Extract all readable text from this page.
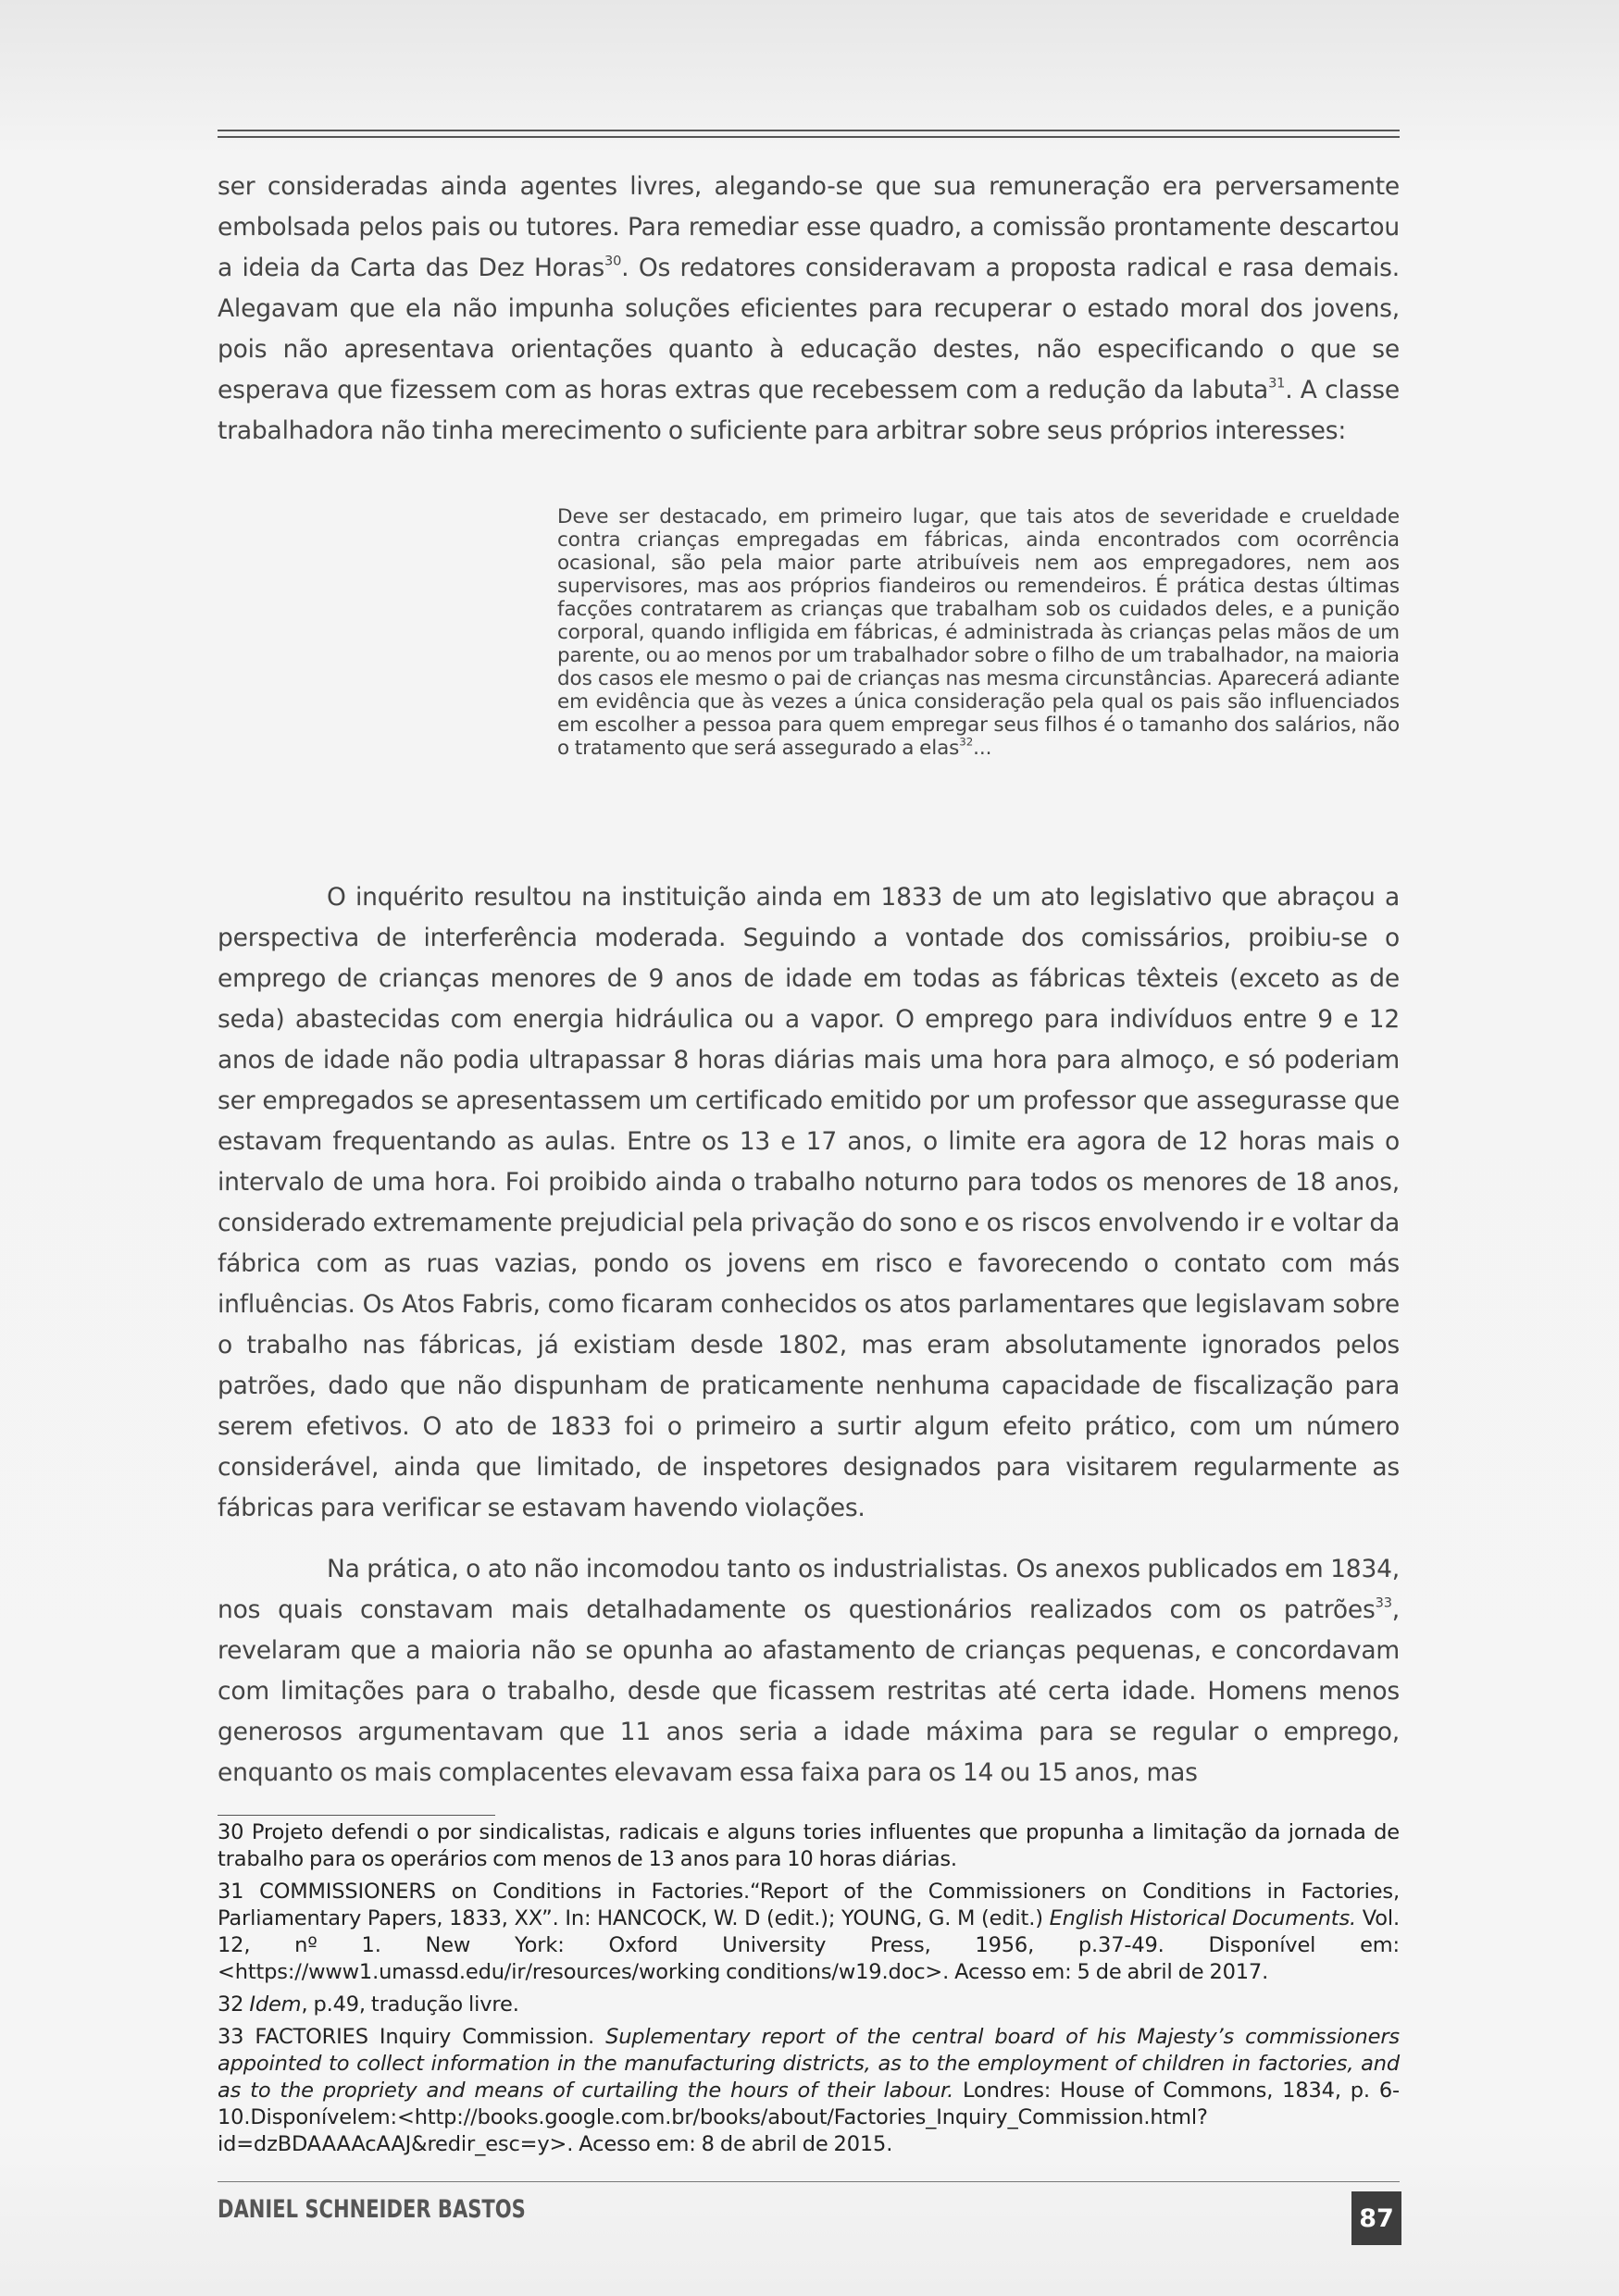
ser consideradas ainda agentes livres, alegando-se que sua remuneração era perversamente embolsada pelos pais ou tutores. Para remediar esse quadro, a comissão prontamente descartou a ideia da Carta das Dez Horas$^{30}$. Os redatores consideravam a proposta radical e rasa demais. Alegavam que ela não impunha soluções eficientes para recuperar o estado moral dos jovens, pois não apresentava orientações quanto à educação destes, não especificando o que se esperava que fizessem com as horas extras que recebessem com a redução da labuta$^{31}$. A classe trabalhadora não tinha merecimento o suficiente para arbitrar sobre seus próprios interesses:

Deve ser destacado, em primeiro lugar, que tais atos de severidade e crueldade contra crianças empregadas em fábricas, ainda encontrados com ocorrência ocasional, são pela maior parte atribuíveis nem aos empregadores, nem aos supervisores, mas aos próprios fiandeiros ou remendeiros. É prática destas últimas facções contratarem as crianças que trabalham sob os cuidados deles, e a punição corporal, quando infligida em fábricas, é administrada às crianças pelas mãos de um parente, ou ao menos por um trabalhador sobre o filho de um trabalhador, na maioria dos casos ele mesmo o pai de crianças nas mesma circunstâncias. Aparecerá adiante em evidência que às vezes a única consideração pela qual os pais são influenciados em escolher a pessoa para quem empregar seus filhos é o tamanho dos salários, não o tratamento que será assegurado a elas$^{32}$...

O inquérito resultou na instituição ainda em 1833 de um ato legislativo que abraçou a perspectiva de interferência moderada. Seguindo a vontade dos comissários, proibiu-se o emprego de crianças menores de 9 anos de idade em todas as fábricas têxteis (exceto as de seda) abastecidas com energia hidráulica ou a vapor. O emprego para indivíduos entre 9 e 12 anos de idade não podia ultrapassar 8 horas diárias mais uma hora para almoço, e só poderiam ser empregados se apresentassem um certificado emitido por um professor que assegurasse que estavam frequentando as aulas. Entre os 13 e 17 anos, o limite era agora de 12 horas mais o intervalo de uma hora. Foi proibido ainda o trabalho noturno para todos os menores de 18 anos, considerado extremamente prejudicial pela privação do sono e os riscos envolvendo ir e voltar da fábrica com as ruas vazias, pondo os jovens em risco e favorecendo o contato com más influências. Os Atos Fabris, como ficaram conhecidos os atos parlamentares que legislavam sobre o trabalho nas fábricas, já existiam desde 1802, mas eram absolutamente ignorados pelos patrões, dado que não dispunham de praticamente nenhuma capacidade de fiscalização para serem efetivos. O ato de 1833 foi o primeiro a surtir algum efeito prático, com um número considerável, ainda que limitado, de inspetores designados para visitarem regularmente as fábricas para verificar se estavam havendo violações.

Na prática, o ato não incomodou tanto os industrialistas. Os anexos publicados em 1834, nos quais constavam mais detalhadamente os questionários realizados com os patrões$^{33}$, revelaram que a maioria não se opunha ao afastamento de crianças pequenas, e concordavam com limitações para o trabalho, desde que ficassem restritas até certa idade. Homens menos generosos argumentavam que 11 anos seria a idade máxima para se regular o emprego, enquanto os mais complacentes elevavam essa faixa para os 14 ou 15 anos, mas

30 Projeto defendi o por sindicalistas, radicais e alguns tories influentes que propunha a limitação da jornada de trabalho para os operários com menos de 13 anos para 10 horas diárias.

31 COMMISSIONERS on Conditions in Factories.“Report of the Commissioners on Conditions in Factories, Parliamentary Papers, 1833, XX”. In: HANCOCK, W. D (edit.); YOUNG, G. M (edit.) English Historical Documents. Vol. 12, nº 1. New York: Oxford University Press, 1956, p.37-49. Disponível em: <https://www1.umassd.edu/ir/resources/working conditions/w19.doc>. Acesso em: 5 de abril de 2017.

32 Idem, p.49, tradução livre.

33 FACTORIES Inquiry Commission. Suplementary report of the central board of his Majesty’s commissioners appointed to collect information in the manufacturing districts, as to the employment of children in factories, and as to the propriety and means of curtailing the hours of their labour. Londres: House of Commons, 1834, p. 6-10.Disponívelem:<http://books.google.com.br/books/about/Factories_Inquiry_Commission.html?id=dzBDAAAAcAAJ&redir_esc=y>. Acesso em: 8 de abril de 2015.

DANIEL SCHNEIDER BASTOS	87
